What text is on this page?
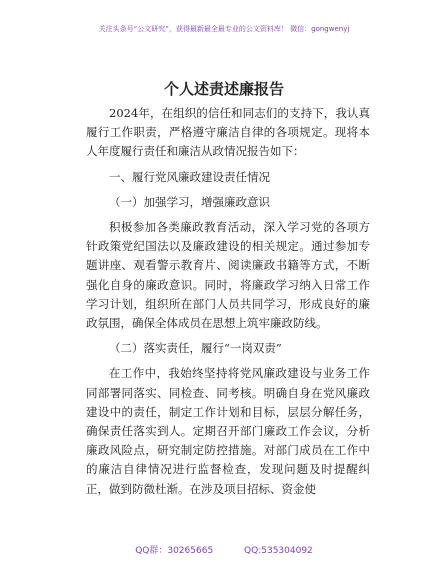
关注头条号“公文研究”，获得最新最全最专业的公文资料库！ 微信：gongwenyj
个人述责述廉报告

2024年，在组织的信任和同志们的支持下，我认真履行工作职责，严格遵守廉洁自律的各项规定。现将本人年度履行责任和廉洁从政情况报告如下：

一、履行党风廉政建设责任情况

（一）加强学习，增强廉政意识

积极参加各类廉政教育活动，深入学习党的各项方针政策党纪国法以及廉政建设的相关规定。通过参加专题讲座、观看警示教育片、阅读廉政书籍等方式，不断强化自身的廉政意识。同时，将廉政学习纳入日常工作学习计划，组织所在部门人员共同学习，形成良好的廉政氛围，确保全体成员在思想上筑牢廉政防线。

（二）落实责任，履行“一岗双责”

在工作中，我始终坚持将党风廉政建设与业务工作同部署同落实、同检查、同考核。明确自身在党风廉政建设中的责任，制定工作计划和目标，层层分解任务，确保责任落实到人。定期召开部门廉政工作会议，分析廉政风险点，研究制定防控措施。对部门成员在工作中的廉洁自律情况进行监督检查，发现问题及时提醒纠正，做到防微杜渐。在涉及项目招标、资金使

QQ群：30265665	QQ:535304092
